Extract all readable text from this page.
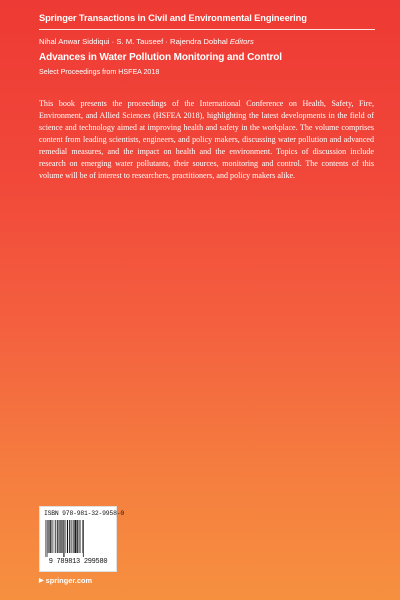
Springer Transactions in Civil and Environmental Engineering
Nihal Anwar Siddiqui · S. M. Tauseef · Rajendra Dobhal Editors
Advances in Water Pollution Monitoring and Control
Select Proceedings from HSFEA 2018

This book presents the proceedings of the International Conference on Health, Safety, Fire, Environment, and Allied Sciences (HSFEA 2018), highlighting the latest developments in the field of science and technology aimed at improving health and safety in the workplace. The volume comprises content from leading scientists, engineers, and policy makers, discussing water pollution and advanced remedial measures, and the impact on health and the environment. Topics of discussion include research on emerging water pollutants, their sources, monitoring and control. The contents of this volume will be of interest to researchers, practitioners, and policy makers alike.

ISBN 978-981-32-9958-0
9 789813 299580
▶ springer.com
